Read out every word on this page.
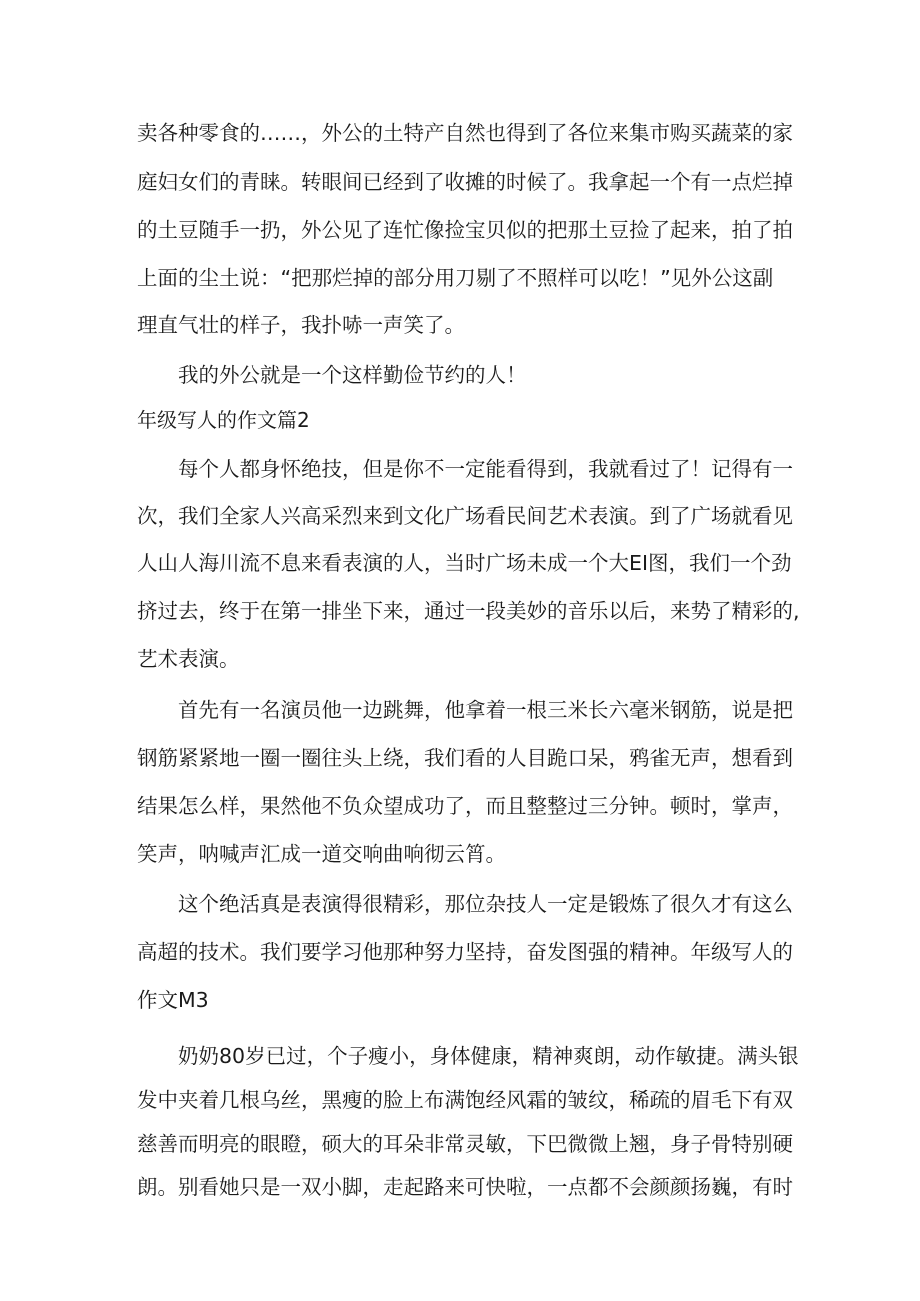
卖各种零食的……，外公的土特产自然也得到了各位来集市购买蔬菜的家
庭妇女们的青睐。转眼间已经到了收摊的时候了。我拿起一个有一点烂掉
的土豆随手一扔，外公见了连忙像捡宝贝似的把那土豆捡了起来，拍了拍
上面的尘土说：“把那烂掉的部分用刀剔了不照样可以吃！”见外公这副
理直气壮的样子，我扑哧一声笑了。
我的外公就是一个这样勤俭节约的人！
年级写人的作文篇2
每个人都身怀绝技，但是你不一定能看得到，我就看过了！记得有一
次，我们全家人兴高采烈来到文化广场看民间艺术表演。到了广场就看见
人山人海川流不息来看表演的人，当时广场未成一个大EI图，我们一个劲
挤过去，终于在第一排坐下来，通过一段美妙的音乐以后，来势了精彩的,
艺术表演。
首先有一名演员他一边跳舞，他拿着一根三米长六毫米钢筋，说是把
钢筋紧紧地一圈一圈往头上绕，我们看的人目跪口呆，鸦雀无声，想看到
结果怎么样，果然他不负众望成功了，而且整整过三分钟。顿时，掌声，
笑声，呐喊声汇成一道交响曲响彻云筲。
这个绝活真是表演得很精彩，那位杂技人一定是锻炼了很久才有这么
高超的技术。我们要学习他那种努力坚持，奋发图强的精神。年级写人的
作文M3
奶奶80岁已过，个子瘦小，身体健康，精神爽朗，动作敏捷。满头银
发中夹着几根乌丝，黑瘦的脸上布满饱经风霜的皱纹，稀疏的眉毛下有双
慈善而明亮的眼瞪，硕大的耳朵非常灵敏，下巴微微上翘，身子骨特别硬
朗。别看她只是一双小脚，走起路来可快啦，一点都不会颜颜扬巍，有时
